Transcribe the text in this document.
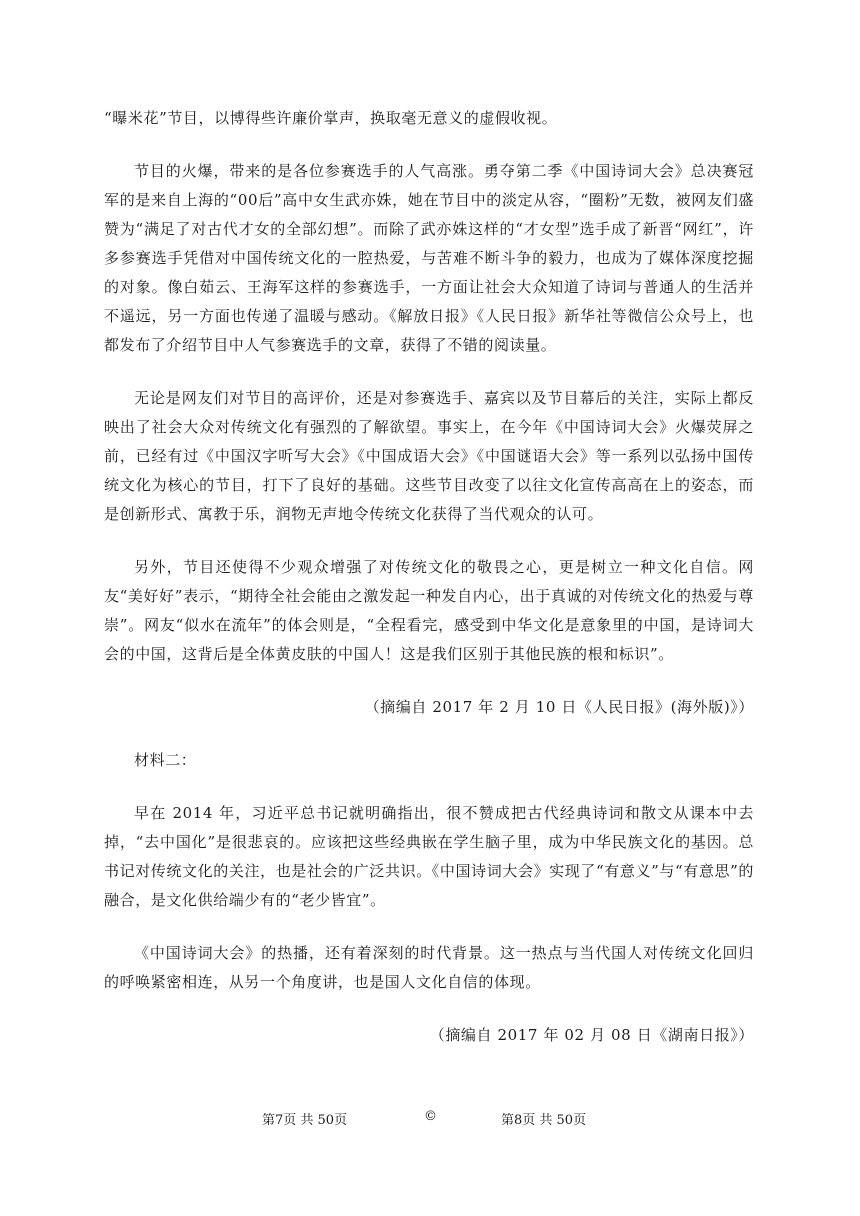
“曝米花”节目，以博得些许廉价掌声，换取毫无意义的虚假收视。

节目的火爆，带来的是各位参赛选手的人气高涨。勇夺第二季《中国诗词大会》总决赛冠军的是来自上海的“00后”高中女生武亦姝，她在节目中的淡定从容，“圈粉”无数，被网友们盛赞为“满足了对古代才女的全部幻想”。而除了武亦姝这样的“才女型”选手成了新晋“网红”，许多参赛选手凭借对中国传统文化的一腔热爱，与苦难不断斗争的毅力，也成为了媒体深度挖掘的对象。像白茹云、王海军这样的参赛选手，一方面让社会大众知道了诗词与普通人的生活并不遥远，另一方面也传递了温暖与感动。《解放日报》《人民日报》新华社等微信公众号上，也都发布了介绍节目中人气参赛选手的文章，获得了不错的阅读量。

无论是网友们对节目的高评价，还是对参赛选手、嘉宾以及节目幕后的关注，实际上都反映出了社会大众对传统文化有强烈的了解欲望。事实上，在今年《中国诗词大会》火爆荧屏之前，已经有过《中国汉字听写大会》《中国成语大会》《中国谜语大会》等一系列以弘扬中国传统文化为核心的节目，打下了良好的基础。这些节目改变了以往文化宣传高高在上的姿态，而是创新形式、寓教于乐，润物无声地令传统文化获得了当代观众的认可。

另外，节目还使得不少观众增强了对传统文化的敬畏之心，更是树立一种文化自信。网友“美好好”表示，“期待全社会能由之激发起一种发自内心，出于真诚的对传统文化的热爱与尊崇”。网友“似水在流年”的体会则是，“全程看完，感受到中华文化是意象里的中国，是诗词大会的中国，这背后是全体黄皮肤的中国人！这是我们区别于其他民族的根和标识”。

（摘编自 2017 年 2 月 10 日《人民日报》(海外版)》）

材料二：

早在 2014 年，习近平总书记就明确指出，很不赞成把古代经典诗词和散文从课本中去掉，“去中国化”是很悲哀的。应该把这些经典嵌在学生脑子里，成为中华民族文化的基因。总书记对传统文化的关注，也是社会的广泛共识。《中国诗词大会》实现了“有意义”与“有意思”的融合，是文化供给端少有的“老少皆宜”。

《中国诗词大会》的热播，还有着深刻的时代背景。这一热点与当代国人对传统文化回归的呼唤紧密相连，从另一个角度讲，也是国人文化自信的体现。

（摘编自 2017 年 02 月 08 日《湖南日报》）

第7页 共 50页	©	第8页 共 50页
